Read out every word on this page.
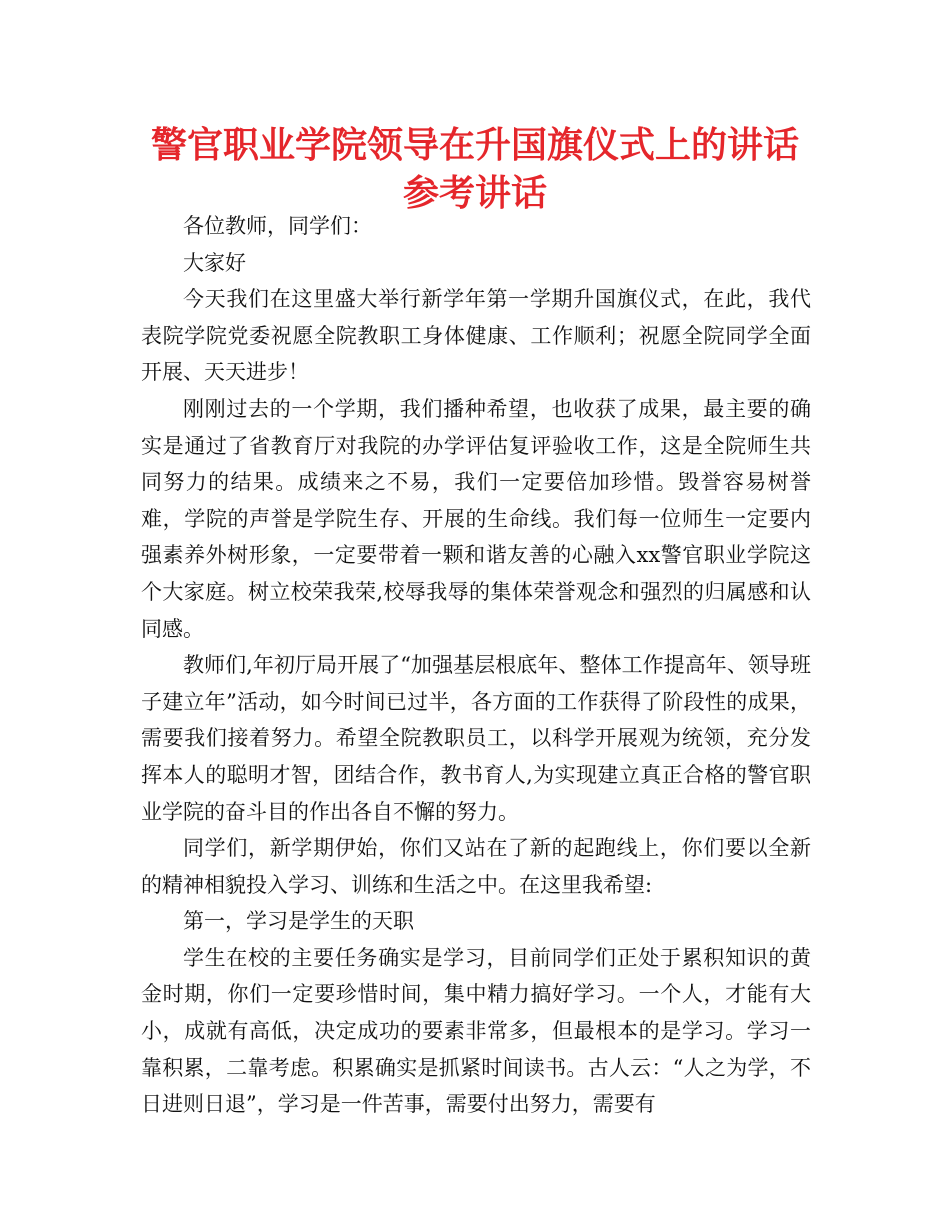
警官职业学院领导在升国旗仪式上的讲话
参考讲话

各位教师，同学们：

大家好

今天我们在这里盛大举行新学年第一学期升国旗仪式，在此，我代表院学院党委祝愿全院教职工身体健康、工作顺利；祝愿全院同学全面开展、天天进步！

刚刚过去的一个学期，我们播种希望，也收获了成果，最主要的确实是通过了省教育厅对我院的办学评估复评验收工作，这是全院师生共同努力的结果。成绩来之不易，我们一定要倍加珍惜。毁誉容易树誉难，学院的声誉是学院生存、开展的生命线。我们每一位师生一定要内强素养外树形象，一定要带着一颗和谐友善的心融入xx警官职业学院这个大家庭。树立校荣我荣,校辱我辱的集体荣誉观念和强烈的归属感和认同感。

教师们,年初厅局开展了“加强基层根底年、整体工作提高年、领导班子建立年”活动，如今时间已过半，各方面的工作获得了阶段性的成果，需要我们接着努力。希望全院教职员工，以科学开展观为统领，充分发挥本人的聪明才智，团结合作，教书育人,为实现建立真正合格的警官职业学院的奋斗目的作出各自不懈的努力。

同学们，新学期伊始，你们又站在了新的起跑线上，你们要以全新的精神相貌投入学习、训练和生活之中。在这里我希望:

第一，学习是学生的天职

学生在校的主要任务确实是学习，目前同学们正处于累积知识的黄金时期，你们一定要珍惜时间，集中精力搞好学习。一个人，才能有大小，成就有高低，决定成功的要素非常多，但最根本的是学习。学习一靠积累，二靠考虑。积累确实是抓紧时间读书。古人云：“人之为学，不日进则日退”，学习是一件苦事，需要付出努力，需要有
